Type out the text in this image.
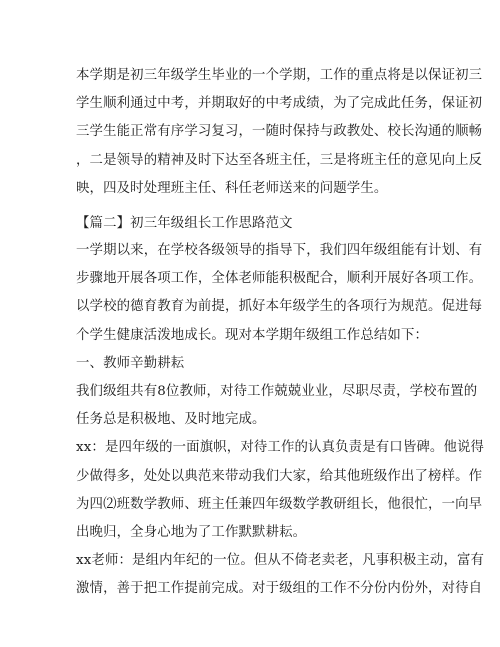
本学期是初三年级学生毕业的一个学期，工作的重点将是以保证初三
学生顺利通过中考，并期取好的中考成绩，为了完成此任务，保证初
三学生能正常有序学习复习，一随时保持与政教处、校长沟通的顺畅
，二是领导的精神及时下达至各班主任，三是将班主任的意见向上反
映，四及时处理班主任、科任老师送来的问题学生。

【篇二】初三年级组长工作思路范文

一学期以来，在学校各级领导的指导下，我们四年级组能有计划、有
步骤地开展各项工作，全体老师能积极配合，顺利开展好各项工作。
以学校的德育教育为前提，抓好本年级学生的各项行为规范。促进每
个学生健康活泼地成长。现对本学期年级组工作总结如下：
一、教师辛勤耕耘
我们级组共有8位教师，对待工作兢兢业业，尽职尽责，学校布置的
任务总是积极地、及时地完成。
xx：是四年级的一面旗帜，对待工作的认真负责是有口皆碑。他说得
少做得多，处处以典范来带动我们大家，给其他班级作出了榜样。作
为四⑵班数学教师、班主任兼四年级数学教研组长，他很忙，一向早
出晚归，全身心地为了工作默默耕耘。
xx老师：是组内年纪的一位。但从不倚老卖老，凡事积极主动，富有
激情，善于把工作提前完成。对于级组的工作不分份内份外，对待自
